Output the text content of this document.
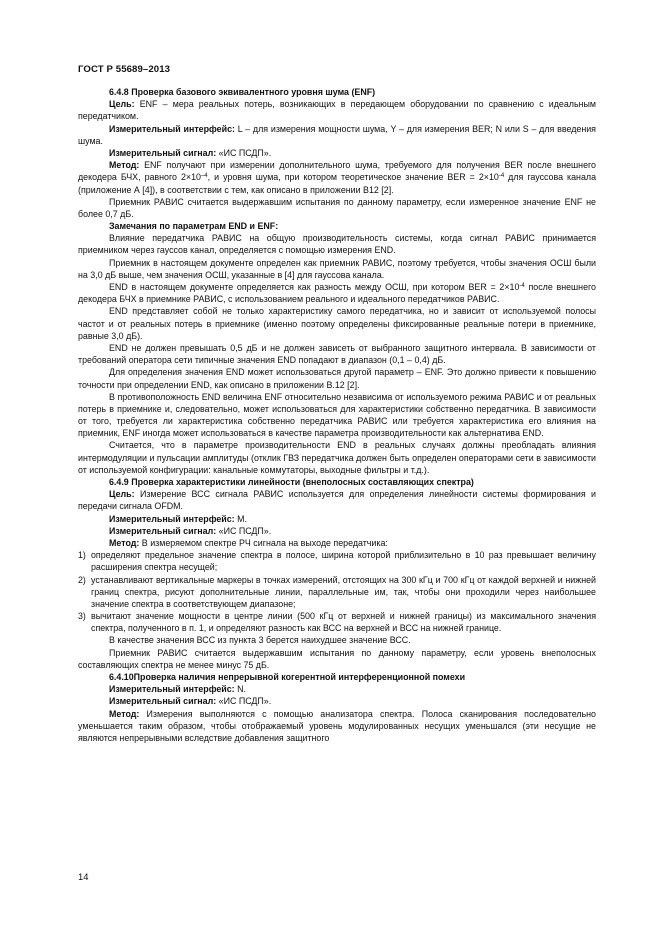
ГОСТ Р 55689–2013

6.4.8 Проверка базового эквивалентного уровня шума (ENF)

Цель: ENF – мера реальных потерь, возникающих в передающем оборудовании по сравнению с идеальным передатчиком.

Измерительный интерфейс: L – для измерения мощности шума, Y – для измерения BER; N или S – для введения шума.

Измерительный сигнал: «ИС ПСДП».

Метод: ENF получают при измерении дополнительного шума, требуемого для получения BER после внешнего декодера БЧХ, равного $2\times 10^{-4}$, и уровня шума, при котором теоретическое значение BER = $2\times 10^{-4}$ для гауссова канала (приложение А [4]), в соответствии с тем, как описано в приложении В12 [2].

Приемник РАВИС считается выдержавшим испытания по данному параметру, если измеренное значение ENF не более 0,7 дБ.

Замечания по параметрам END и ENF:

Влияние передатчика РАВИС на общую производительность системы, когда сигнал РАВИС принимается приемником через гауссов канал, определяется с помощью измерения END.

Приемник в настоящем документе определен как приемник РАВИС, поэтому требуется, чтобы значения ОСШ были на 3,0 дБ выше, чем значения ОСШ, указанные в [4] для гауссова канала.

END в настоящем документе определяется как разность между ОСШ, при котором BER = $2\times 10^{-4}$ после внешнего декодера БЧХ в приемнике РАВИС, с использованием реального и идеального передатчиков РАВИС.

END представляет собой не только характеристику самого передатчика, но и зависит от используемой полосы частот и от реальных потерь в приемнике (именно поэтому определены фиксированные реальные потери в приемнике, равные 3,0 дБ).

END не должен превышать 0,5 дБ и не должен зависеть от выбранного защитного интервала. В зависимости от требований оператора сети типичные значения END попадают в диапазон (0,1 – 0,4) дБ.

Для определения значения END может использоваться другой параметр – ENF. Это должно привести к повышению точности при определении END, как описано в приложении В.12 [2].

В противоположность END величина ENF относительно независима от используемого режима РАВИС и от реальных потерь в приемнике и, следовательно, может использоваться для характеристики собственно передатчика. В зависимости от того, требуется ли характеристика собственно передатчика РАВИС или требуется характеристика его влияния на приемник, ENF иногда может использоваться в качестве параметра производительности как альтернатива END.

Считается, что в параметре производительности END в реальных случаях должны преобладать влияния интермодуляции и пульсации амплитуды (отклик ГВЗ передатчика должен быть определен операторами сети в зависимости от используемой конфигурации: канальные коммутаторы, выходные фильтры и т.д.).

6.4.9 Проверка характеристики линейности (внеполосных составляющих спектра)

Цель: Измерение ВСС сигнала РАВИС используется для определения линейности системы формирования и передачи сигнала OFDM.

Измерительный интерфейс: M.

Измерительный сигнал: «ИС ПСДП».

Метод: В измеряемом спектре РЧ сигнала на выходе передатчика:

1) определяют предельное значение спектра в полосе, ширина которой приблизительно в 10 раз превышает величину расширения спектра несущей;
2) устанавливают вертикальные маркеры в точках измерений, отстоящих на 300 кГц и 700 кГц от каждой верхней и нижней границ спектра, рисуют дополнительные линии, параллельные им, так, чтобы они проходили через наибольшее значение спектра в соответствующем диапазоне;
3) вычитают значение мощности в центре линии (500 кГц от верхней и нижней границы) из максимального значения спектра, полученного в п. 1, и определяют разность как ВСС на верхней и ВСС на нижней границе.

В качестве значения ВСС из пункта 3 берется наихудшее значение ВСС.

Приемник РАВИС считается выдержавшим испытания по данному параметру, если уровень внеполосных составляющих спектра не менее минус 75 дБ.

6.4.10Проверка наличия непрерывной когерентной интерференционной помехи

Измерительный интерфейс: N.

Измерительный сигнал: «ИС ПСДП».

Метод: Измерения выполняются с помощью анализатора спектра. Полоса сканирования последовательно уменьшается таким образом, чтобы отображаемый уровень модулированных несущих уменьшался (эти несущие не являются непрерывными вследствие добавления защитного

14
